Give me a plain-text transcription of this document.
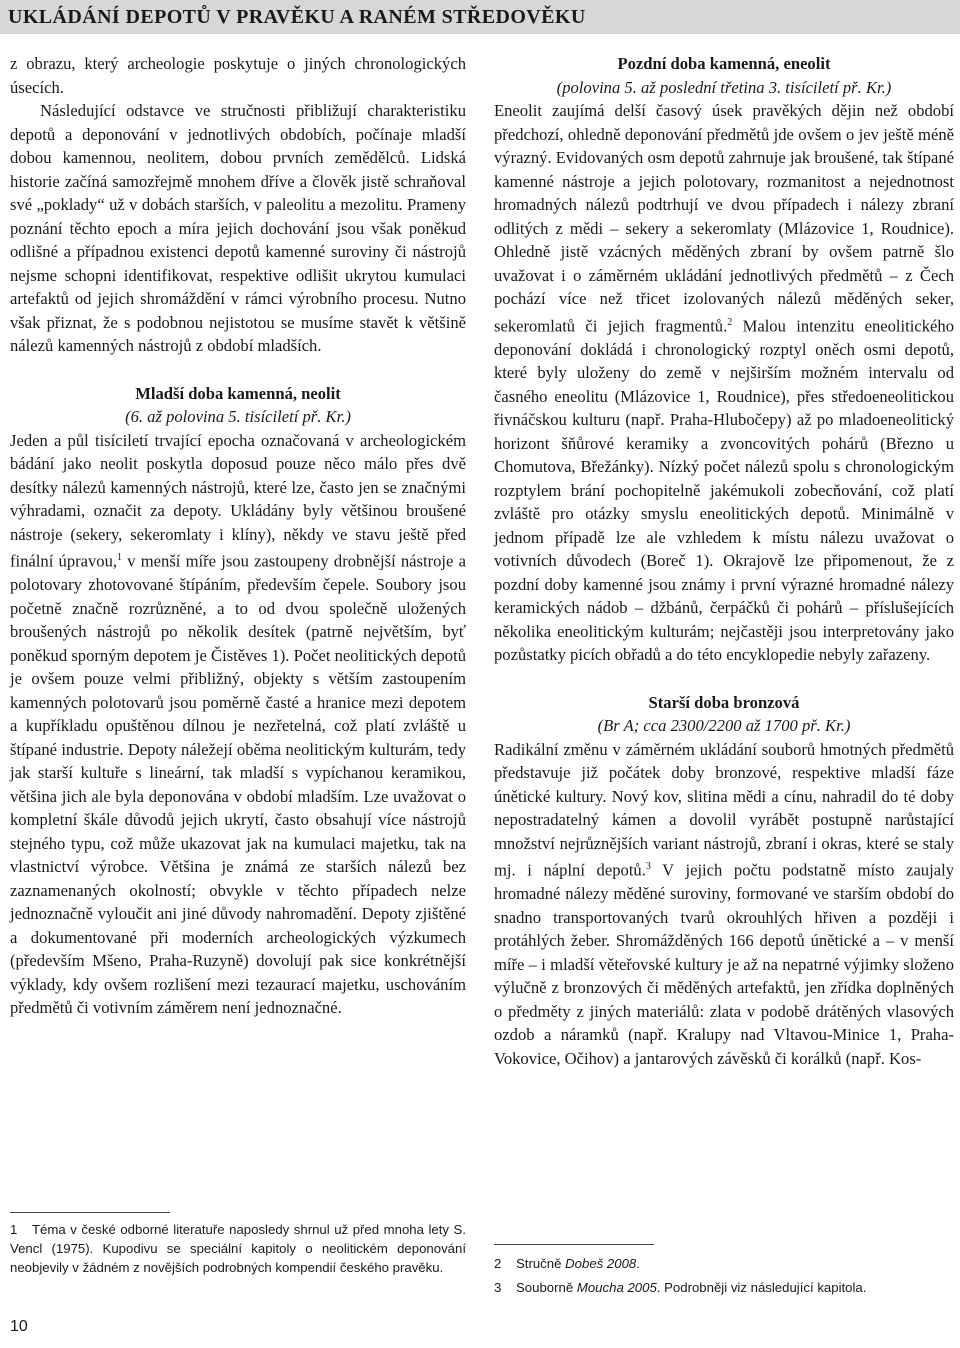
UKLÁDÁNÍ DEPOTŮ V PRAVĚKU A RANÉM STŘEDOVĚKU

z obrazu, který archeologie poskytuje o jiných chronologických úsecích.

Následující odstavce ve stručnosti přibližují charakteristiku depotů a deponování v jednotlivých obdobích, počínaje mladší dobou kamennou, neolitem, dobou prvních zemědělců. Lidská historie začíná samozřejmě mnohem dříve a člověk jistě schraňoval své „poklady“ už v dobách starších, v paleolitu a mezolitu. Prameny poznání těchto epoch a míra jejich dochování jsou však poněkud odlišné a případnou existenci depotů kamenné suroviny či nástrojů nejsme schopni identifikovat, respektive odlišit ukrytou kumulaci artefaktů od jejich shromáždění v rámci výrobního procesu. Nutno však přiznat, že s podobnou nejistotou se musíme stavět k většině nálezů kamenných nástrojů z období mladších.

Mladší doba kamenná, neolit
(6. až polovina 5. tisíciletí př. Kr.)

Jeden a půl tisíciletí trvající epocha označovaná v archeologickém bádání jako neolit poskytla doposud pouze něco málo přes dvě desítky nálezů kamenných nástrojů, které lze, často jen se značnými výhradami, označit za depoty. Ukládány byly většinou broušené nástroje (sekery, sekeromlaty i klíny), někdy ve stavu ještě před finální úpravou,$^1$ v menší míře jsou zastoupeny drobnější nástroje a polotovary zhotovované štípáním, především čepele. Soubory jsou početně značně rozrůzněné, a to od dvou společně uložených broušených nástrojů po několik desítek (patrně největším, byť poněkud sporným depotem je Čistěves 1). Počet neolitických depotů je ovšem pouze velmi přibližný, objekty s větším zastoupením kamenných polotovarů jsou poměrně časté a hranice mezi depotem a kupříkladu opuštěnou dílnou je nezřetelná, což platí zvláště u štípané industrie. Depoty náležejí oběma neolitickým kulturám, tedy jak starší kultuře s lineární, tak mladší s vypíchanou keramikou, většina jich ale byla deponována v období mladším. Lze uvažovat o kompletní škále důvodů jejich ukrytí, často obsahují více nástrojů stejného typu, což může ukazovat jak na kumulaci majetku, tak na vlastnictví výrobce. Většina je známá ze starších nálezů bez zaznamenaných okolností; obvykle v těchto případech nelze jednoznačně vyloučit ani jiné důvody nahromadění. Depoty zjištěné a dokumentované při moderních archeologických výzkumech (především Mšeno, Praha-Ruzyně) dovolují pak sice konkrétnější výklady, kdy ovšem rozlišení mezi tezaurací majetku, uschováním předmětů či votivním záměrem není jednoznačné.

Pozdní doba kamenná, eneolit
(polovina 5. až poslední třetina 3. tisíciletí př. Kr.)

Eneolit zaujímá delší časový úsek pravěkých dějin než období předchozí, ohledně deponování předmětů jde ovšem o jev ještě méně výrazný. Evidovaných osm depotů zahrnuje jak broušené, tak štípané kamenné nástroje a jejich polotovary, rozmanitost a nejednotnost hromadných nálezů podtrhují ve dvou případech i nálezy zbraní odlitých z mědi – sekery a sekeromlaty (Mlázovice 1, Roudnice). Ohledně jistě vzácných měděných zbraní by ovšem patrně šlo uvažovat i o záměrném ukládání jednotlivých předmětů – z Čech pochází více než třicet izolovaných nálezů měděných seker, sekeromlatů či jejich fragmentů.$^2$ Malou intenzitu eneolitického deponování dokládá i chronologický rozptyl oněch osmi depotů, které byly uloženy do země v nejširším možném intervalu od časného eneolitu (Mlázovice 1, Roudnice), přes středoeneolitickou řivnáčskou kulturu (např. Praha-Hlubočepy) až po mladoeneolitický horizont šňůrové keramiky a zvoncovitých pohárů (Březno u Chomutova, Břežánky). Nízký počet nálezů spolu s chronologickým rozptylem brání pochopitelně jakémukoli zobecňování, což platí zvláště pro otázky smyslu eneolitických depotů. Minimálně v jednom případě lze ale vzhledem k místu nálezu uvažovat o votivních důvodech (Boreč 1). Okrajově lze připomenout, že z pozdní doby kamenné jsou známy i první výrazné hromadné nálezy keramických nádob – džbánů, čerpáčků či pohárů – příslušejících několika eneolitickým kulturám; nejčastěji jsou interpretovány jako pozůstatky picích obřadů a do této encyklopedie nebyly zařazeny.

Starší doba bronzová
(Br A; cca 2300/2200 až 1700 př. Kr.)

Radikální změnu v záměrném ukládání souborů hmotných předmětů představuje již počátek doby bronzové, respektive mladší fáze únětické kultury. Nový kov, slitina mědi a cínu, nahradil do té doby nepostradatelný kámen a dovolil vyrábět postupně narůstající množství nejrůznějších variant nástrojů, zbraní i okras, které se staly mj. i náplní depotů.$^3$ V jejich počtu podstatně místo zaujaly hromadné nálezy měděné suroviny, formované ve starším období do snadno transportovaných tvarů okrouhlých hřiven a později i protáhlých žeber. Shromážděných 166 depotů únětické a – v menší míře – i mladší věteřovské kultury je až na nepatrné výjimky složeno výlučně z bronzových či měděných artefaktů, jen zřídka doplněných o předměty z jiných materiálů: zlata v podobě drátěných vlasových ozdob a náramků (např. Kralupy nad Vltavou-Minice 1, Praha-Vokovice, Očihov) a jantarových závěsků či korálků (např. Kos-

1 Téma v české odborné literatuře naposledy shrnul už před mnoha lety S. Vencl (1975). Kupodivu se speciální kapitoly o neolitickém deponování neobjevily v žádném z novějších podrobných kompendií českého pravěku.	2 Stručně Dobeš 2008.
3 Souborně Moucha 2005. Podrobněji viz následující kapitola.
10
